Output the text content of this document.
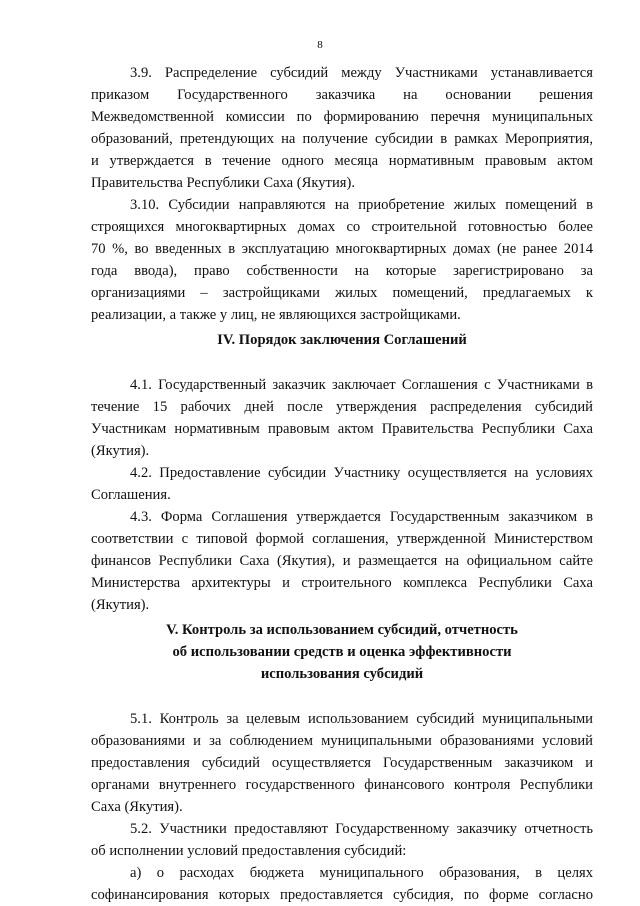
8
3.9. Распределение субсидий между Участниками устанавливается
приказом Государственного заказчика на основании решения
Межведомственной комиссии по формированию перечня муниципальных
образований, претендующих на получение субсидии в рамках Мероприятия,
и утверждается в течение одного месяца нормативным правовым актом
Правительства Республики Саха (Якутия).
3.10. Субсидии направляются на приобретение жилых помещений в
строящихся многоквартирных домах со строительной готовностью более
70 %, во введенных в эксплуатацию многоквартирных домах (не ранее 2014
года ввода), право собственности на которые зарегистрировано за
организациями – застройщиками жилых помещений, предлагаемых к
реализации, а также у лиц, не являющихся застройщиками.
IV. Порядок заключения Соглашений
4.1. Государственный заказчик заключает Соглашения с Участниками в
течение 15 рабочих дней после утверждения распределения субсидий
Участникам нормативным правовым актом Правительства Республики Саха
(Якутия).
4.2. Предоставление субсидии Участнику осуществляется на условиях
Соглашения.
4.3. Форма Соглашения утверждается Государственным заказчиком в
соответствии с типовой формой соглашения, утвержденной Министерством
финансов Республики Саха (Якутия), и размещается на официальном сайте
Министерства архитектуры и строительного комплекса Республики Саха
(Якутия).
V. Контроль за использованием субсидий, отчетность
об использовании средств и оценка эффективности
использования субсидий
5.1. Контроль за целевым использованием субсидий муниципальными
образованиями и за соблюдением муниципальными образованиями условий
предоставления субсидий осуществляется Государственным заказчиком и
органами внутреннего государственного финансового контроля Республики
Саха (Якутия).
5.2. Участники предоставляют Государственному заказчику отчетность
об исполнении условий предоставления субсидий:
а) о расходах бюджета муниципального образования, в целях
софинансирования которых предоставляется субсидия, по форме согласно
